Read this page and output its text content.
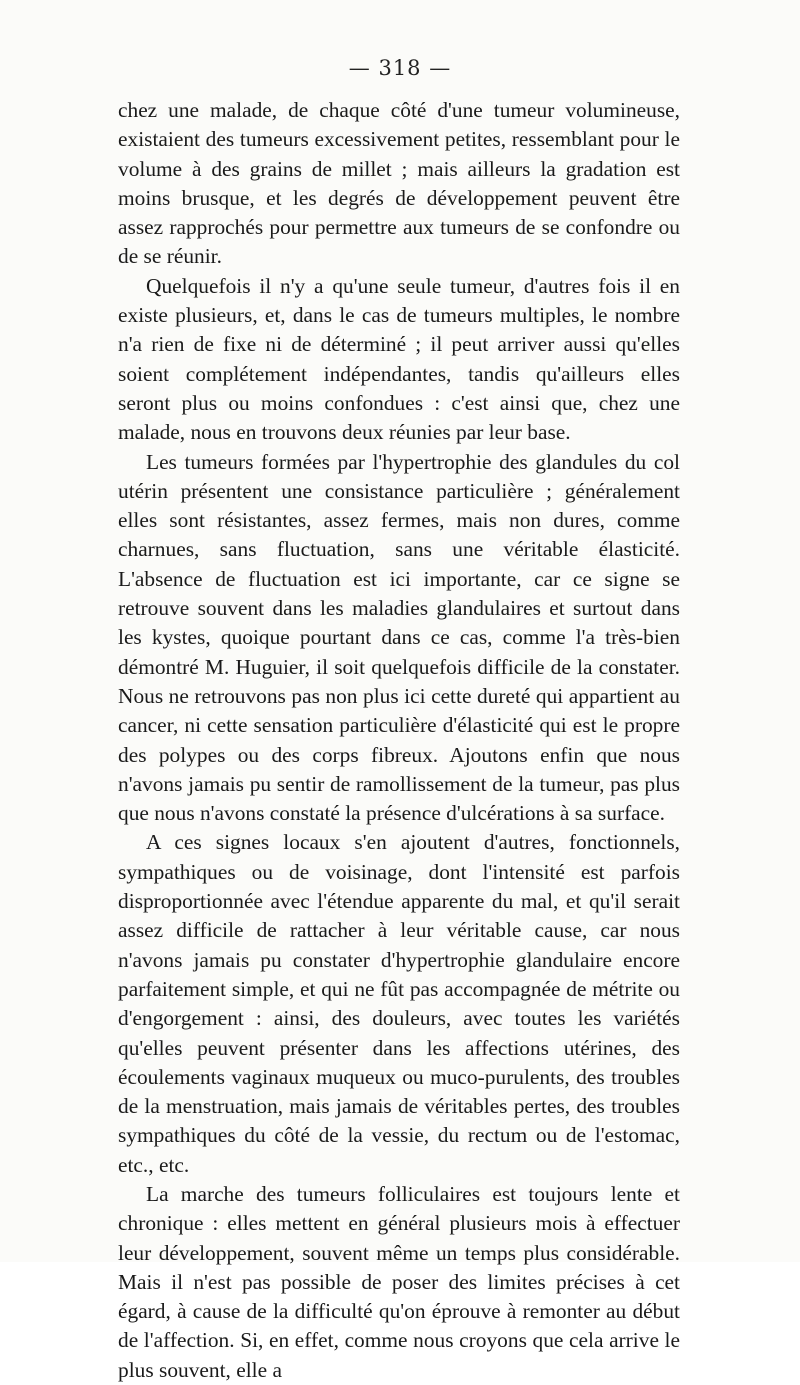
— 318 —

chez une malade, de chaque côté d'une tumeur volumineuse, existaient des tumeurs excessivement petites, ressemblant pour le volume à des grains de millet ; mais ailleurs la gradation est moins brusque, et les degrés de développement peuvent être assez rapprochés pour permettre aux tumeurs de se confondre ou de se réunir.

Quelquefois il n'y a qu'une seule tumeur, d'autres fois il en existe plusieurs, et, dans le cas de tumeurs multiples, le nombre n'a rien de fixe ni de déterminé ; il peut arriver aussi qu'elles soient complétement indépendantes, tandis qu'ailleurs elles seront plus ou moins confondues : c'est ainsi que, chez une malade, nous en trouvons deux réunies par leur base.

Les tumeurs formées par l'hypertrophie des glandules du col utérin présentent une consistance particulière ; généralement elles sont résistantes, assez fermes, mais non dures, comme charnues, sans fluctuation, sans une véritable élasticité. L'absence de fluctuation est ici importante, car ce signe se retrouve souvent dans les maladies glandulaires et surtout dans les kystes, quoique pourtant dans ce cas, comme l'a très-bien démontré M. Huguier, il soit quelquefois difficile de la constater. Nous ne retrouvons pas non plus ici cette dureté qui appartient au cancer, ni cette sensation particulière d'élasticité qui est le propre des polypes ou des corps fibreux. Ajoutons enfin que nous n'avons jamais pu sentir de ramollissement de la tumeur, pas plus que nous n'avons constaté la présence d'ulcérations à sa surface.

A ces signes locaux s'en ajoutent d'autres, fonctionnels, sympathiques ou de voisinage, dont l'intensité est parfois disproportionnée avec l'étendue apparente du mal, et qu'il serait assez difficile de rattacher à leur véritable cause, car nous n'avons jamais pu constater d'hypertrophie glandulaire encore parfaitement simple, et qui ne fût pas accompagnée de métrite ou d'engorgement : ainsi, des douleurs, avec toutes les variétés qu'elles peuvent présenter dans les affections utérines, des écoulements vaginaux muqueux ou muco-purulents, des troubles de la menstruation, mais jamais de véritables pertes, des troubles sympathiques du côté de la vessie, du rectum ou de l'estomac, etc., etc.

La marche des tumeurs folliculaires est toujours lente et chronique : elles mettent en général plusieurs mois à effectuer leur développement, souvent même un temps plus considérable. Mais il n'est pas possible de poser des limites précises à cet égard, à cause de la difficulté qu'on éprouve à remonter au début de l'affection. Si, en effet, comme nous croyons que cela arrive le plus souvent, elle a
